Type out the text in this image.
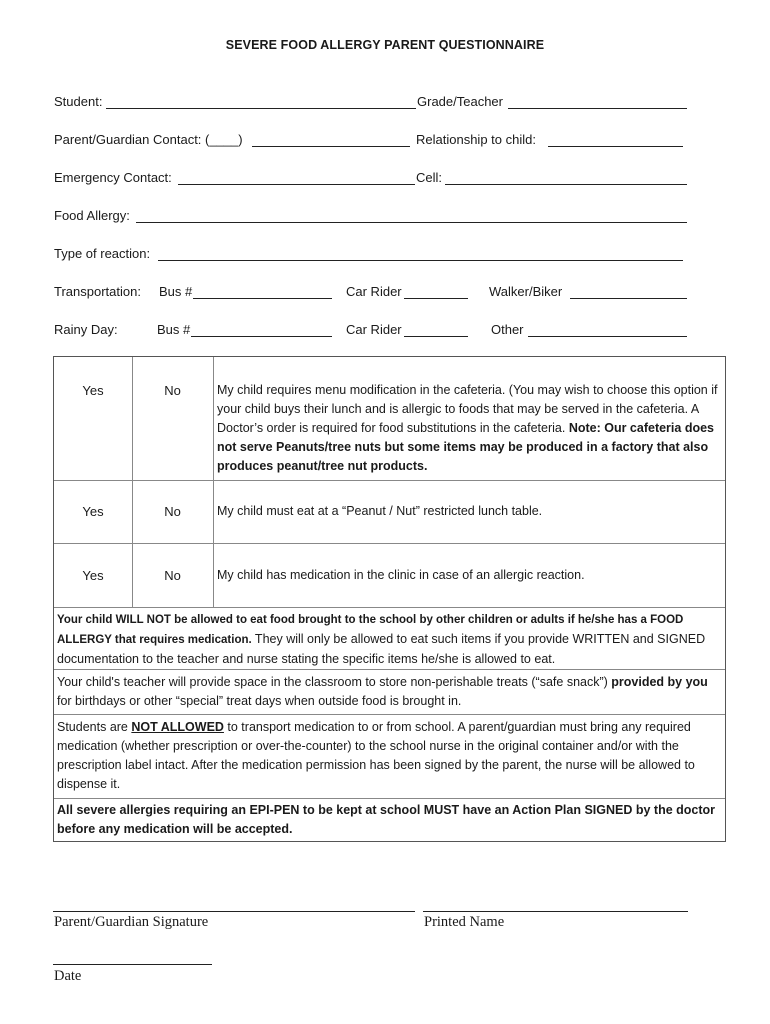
SEVERE FOOD ALLERGY PARENT QUESTIONNAIRE
Student:	Grade/Teacher
Parent/Guardian Contact: (____)	Relationship to child:
Emergency Contact:	Cell:
Food Allergy:
Type of reaction:
Transportation: Bus #	Car Rider	Walker/Biker
Rainy Day:	Bus #	Car Rider	Other
Yes	No	My child requires menu modification in the cafeteria. (You may wish to choose this option if your child buys their lunch and is allergic to foods that may be served in the cafeteria. A Doctor’s order is required for food substitutions in the cafeteria. Note: Our cafeteria does not serve Peanuts/tree nuts but some items may be produced in a factory that also produces peanut/tree nut products.
Yes	No	My child must eat at a “Peanut / Nut” restricted lunch table.
Yes	No	My child has medication in the clinic in case of an allergic reaction.
Your child WILL NOT be allowed to eat food brought to the school by other children or adults if he/she has a FOOD ALLERGY that requires medication. They will only be allowed to eat such items if you provide WRITTEN and SIGNED documentation to the teacher and nurse stating the specific items he/she is allowed to eat.
Your child's teacher will provide space in the classroom to store non-perishable treats (“safe snack”) provided by you for birthdays or other “special” treat days when outside food is brought in.
Students are NOT ALLOWED to transport medication to or from school. A parent/guardian must bring any required medication (whether prescription or over-the-counter) to the school nurse in the original container and/or with the prescription label intact. After the medication permission has been signed by the parent, the nurse will be allowed to dispense it.
All severe allergies requiring an EPI-PEN to be kept at school MUST have an Action Plan SIGNED by the doctor before any medication will be accepted.
Parent/Guardian Signature	Printed Name
Date
